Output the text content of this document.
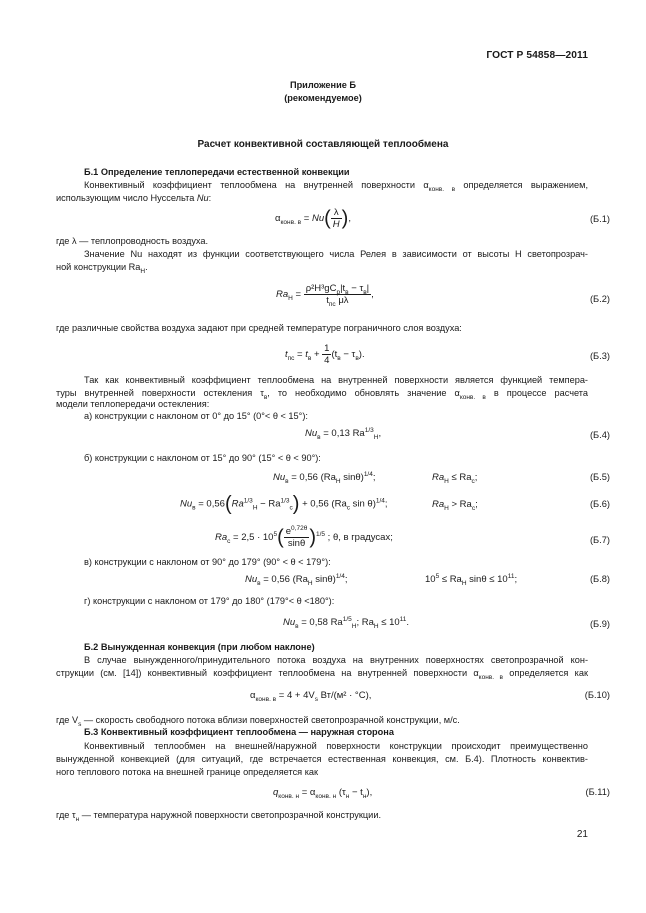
ГОСТ Р 54858—2011
Приложение Б
(рекомендуемое)
Расчет конвективной составляющей теплообмена
Б.1 Определение теплопередачи естественной конвекции
Конвективный коэффициент теплообмена на внутренней поверхности $\alpha_{конв. в}$ определяется выражением,
использующим число Нуссельта Nu:
$\alpha_{конв. в} = Nu( \frac{\lambda}{H}$ ),	(Б.1)
где λ — теплопроводность воздуха.
Значение Nu находят из функции соответствующего числа Релея в зависимости от высоты H светопрозрач-
ной конструкции $Ra_H$.
$Ra_H = \frac{\rho^2H^3gC_p|t_в - \tau_в|}{t_{пс} \mu\lambda}$ ,	(Б.2)
где различные свойства воздуха задают при средней температуре пограничного слоя воздуха:
$t_{пс} = t_в + \frac{1}{4} (t_в - \tau_в)$.	(Б.3)
Так как конвективный коэффициент теплообмена на внутренней поверхности является функцией темпера-
туры внутренней поверхности остекления $\tau_в$, то необходимо обновлять значение $\alpha_{конв. в}$ в процессе расчета
модели теплопередачи остекления:
а) конструкции с наклоном от 0° до 15° (0°< θ < 15°):
$Nu_в = 0,13$ $Ra^{1/3}_H$,	(Б.4)
б) конструкции с наклоном от 15° до 90° (15° < θ < 90°):
$Nu_в = 0,56$ ($Ra_H$ sinθ)$^{1/4}$;	$Ra_H \le Ra_c$;	(Б.5)
$Nu_в = 0,56(Ra^{1/3}_H - Ra^{1/3}_c) + 0,56$ ($Ra_c$ sin θ)$^{1/4}$;	$Ra_H > Ra_c$;	(Б.6)
$Ra_c = 2,5 \cdot 10^5( \frac{e^{0,72\theta}}{\sin\theta} )^{1/5}$ ; θ, в градусах;	(Б.7)
в) конструкции с наклоном от 90° до 179° (90° < θ < 179°):
$Nu_в = 0,56$ ($Ra_H$ sinθ)$^{1/4}$;	$10^5 \le Ra_H$ $\sin\theta \le 10^{11}$;	(Б.8)
г) конструкции с наклоном от 179° до 180° (179°< θ <180°):
$Nu_в = 0,58$ $Ra^{1/5}_H$; $Ra_H \le 10^{11}$.	(Б.9)
Б.2 Вынужденная конвекция (при любом наклоне)
В случае вынужденного/принудительного потока воздуха на внутренних поверхностях светопрозрачной кон-
струкции (см. [14]) конвективный коэффициент теплообмена на внутренней поверхности $\alpha_{конв. в}$ определяется как
$\alpha_{конв. в} = 4 + 4V_s$ Вт/(м² · °С),	(Б.10)
где $V_s$ — скорость свободного потока вблизи поверхностей светопрозрачной конструкции, м/с.
Б.3 Конвективный коэффициент теплообмена — наружная сторона
Конвективный теплообмен на внешней/наружной поверхности конструкции происходит преимущественно
вынужденной конвекцией (для ситуаций, где встречается естественная конвекция, см. Б.4). Плотность конвектив-
ного теплового потока на внешней границе определяется как
$q_{конв. н} = \alpha_{конв. н}$ $(\tau_н - t_н)$,	(Б.11)
где $\tau_н$ — температура наружной поверхности светопрозрачной конструкции.
21
